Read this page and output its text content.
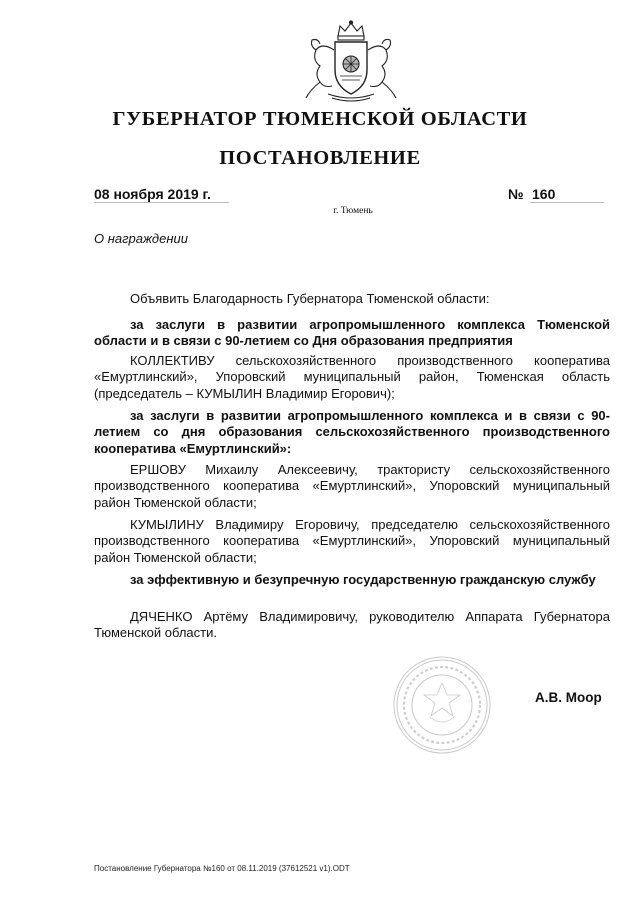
ГУБЕРНАТОР ТЮМЕНСКОЙ ОБЛАСТИ
ПОСТАНОВЛЕНИЕ
08 ноября 2019 г.	№ 160
г. Тюмень
О награждении
Объявить Благодарность Губернатора Тюменской области:
за заслуги в развитии агропромышленного комплекса Тюменской области и в связи с 90-летием со Дня образования предприятия
КОЛЛЕКТИВУ сельскохозяйственного производственного кооператива «Емуртлинский», Упоровский муниципальный район, Тюменская область (председатель – КУМЫЛИН Владимир Егорович);
за заслуги в развитии агропромышленного комплекса и в связи с 90-летием со дня образования сельскохозяйственного производственного кооператива «Емуртлинский»:
ЕРШОВУ Михаилу Алексеевичу, трактористу сельскохозяйственного производственного кооператива «Емуртлинский», Упоровский муниципальный район Тюменской области;
КУМЫЛИНУ Владимиру Егоровичу, председателю сельскохозяйственного производственного кооператива «Емуртлинский», Упоровский муниципальный район Тюменской области;
за эффективную и безупречную государственную гражданскую службу
ДЯЧЕНКО Артёму Владимировичу, руководителю Аппарата Губернатора Тюменской области.
А.В. Моор
Постановление Губернатора №160 от 08.11.2019 (37612521 v1).ODT
